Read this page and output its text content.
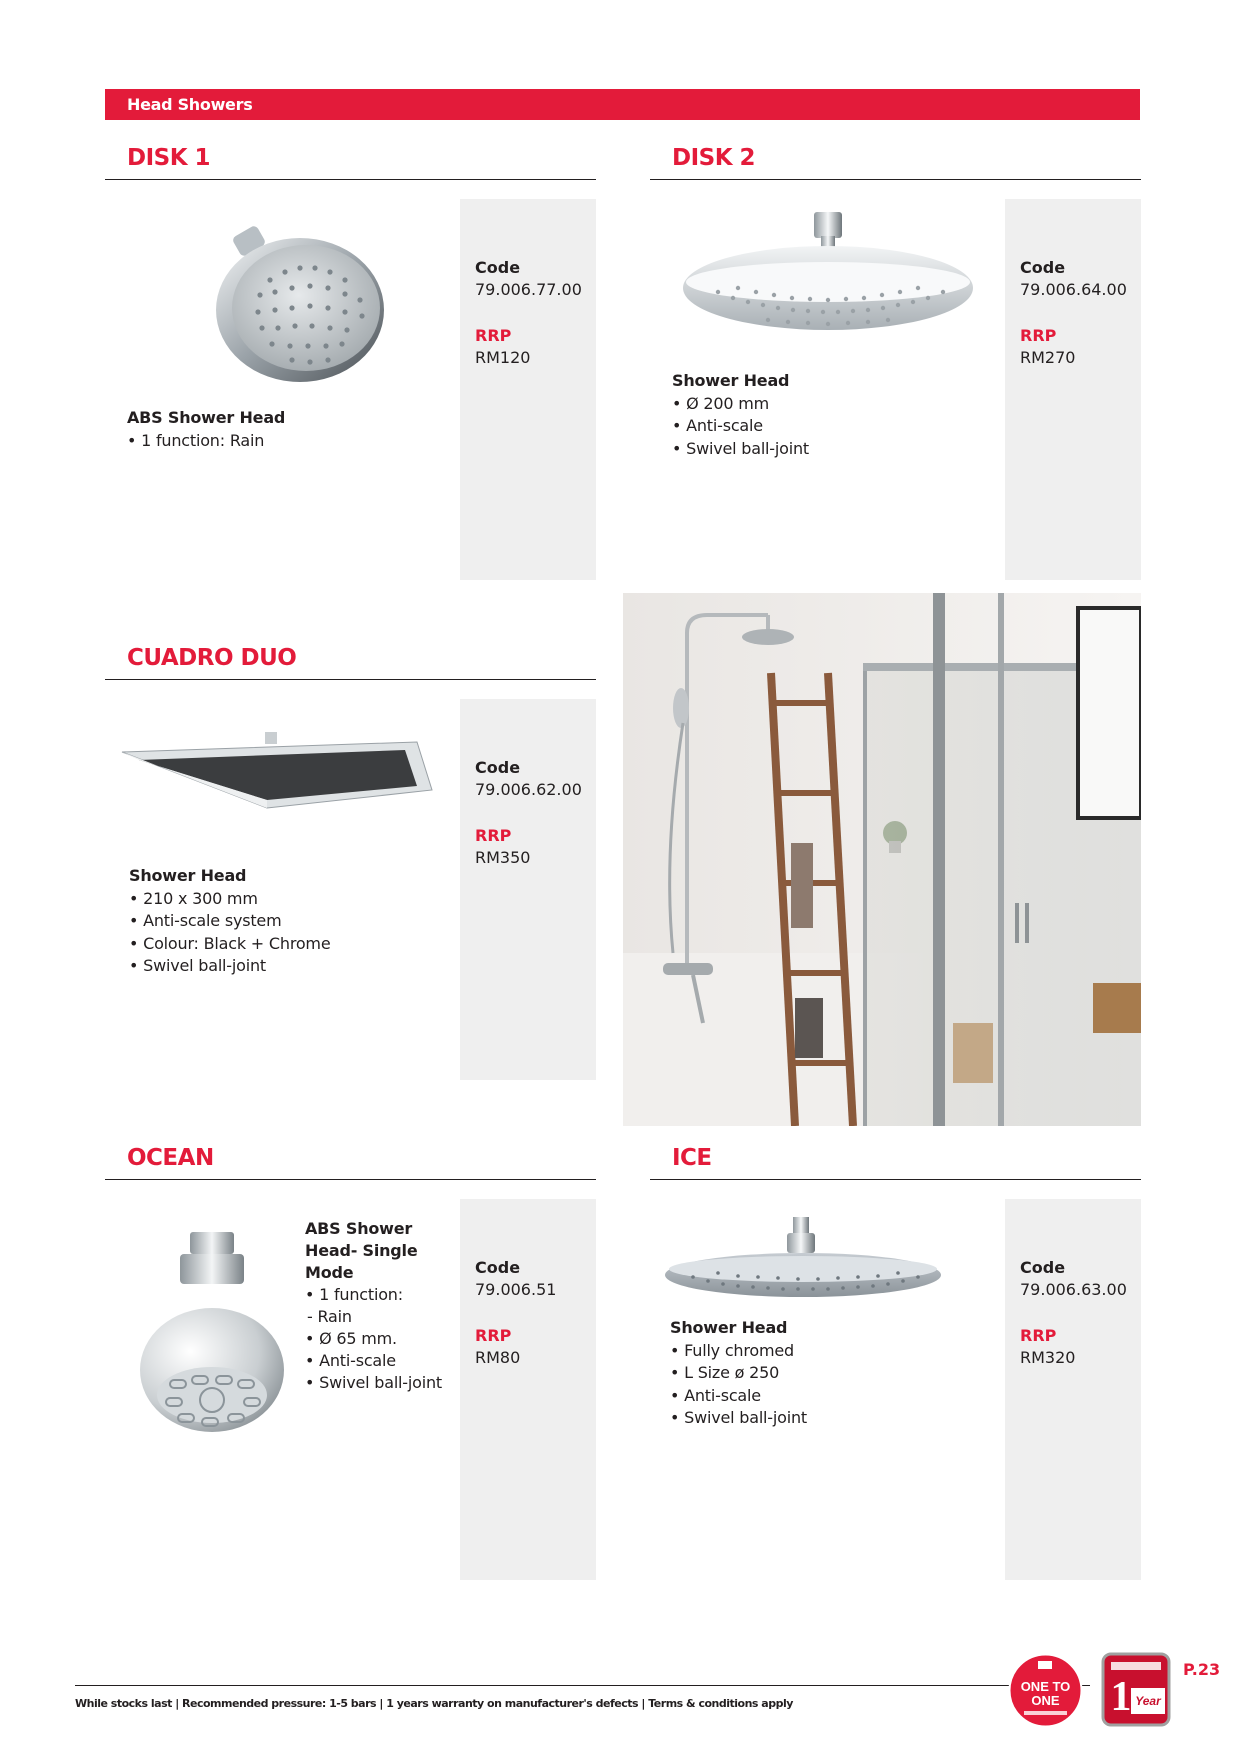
Head Showers
DISK 1
Code
79.006.77.00
RRP
RM120
ABS Shower Head
• 1 function: Rain
DISK 2
Code
79.006.64.00
RRP
RM270
Shower Head
• Ø 200 mm
• Anti-scale
• Swivel ball-joint
CUADRO DUO
Code
79.006.62.00
RRP
RM350
Shower Head
• 210 x 300 mm
• Anti-scale system
• Colour: Black + Chrome
• Swivel ball-joint
OCEAN
Code
79.006.51
RRP
RM80
ABS Shower
Head- Single
Mode
• 1 function:
- Rain
• Ø 65 mm.
• Anti-scale
• Swivel ball-joint
ICE
Code
79.006.63.00
RRP
RM320
Shower Head
• Fully chromed
• L Size ø 250
• Anti-scale
• Swivel ball-joint
While stocks last | Recommended pressure: 1-5 bars | 1 years warranty on manufacturer's defects | Terms & conditions apply
ONE TO
ONE 1 Year
P.23
